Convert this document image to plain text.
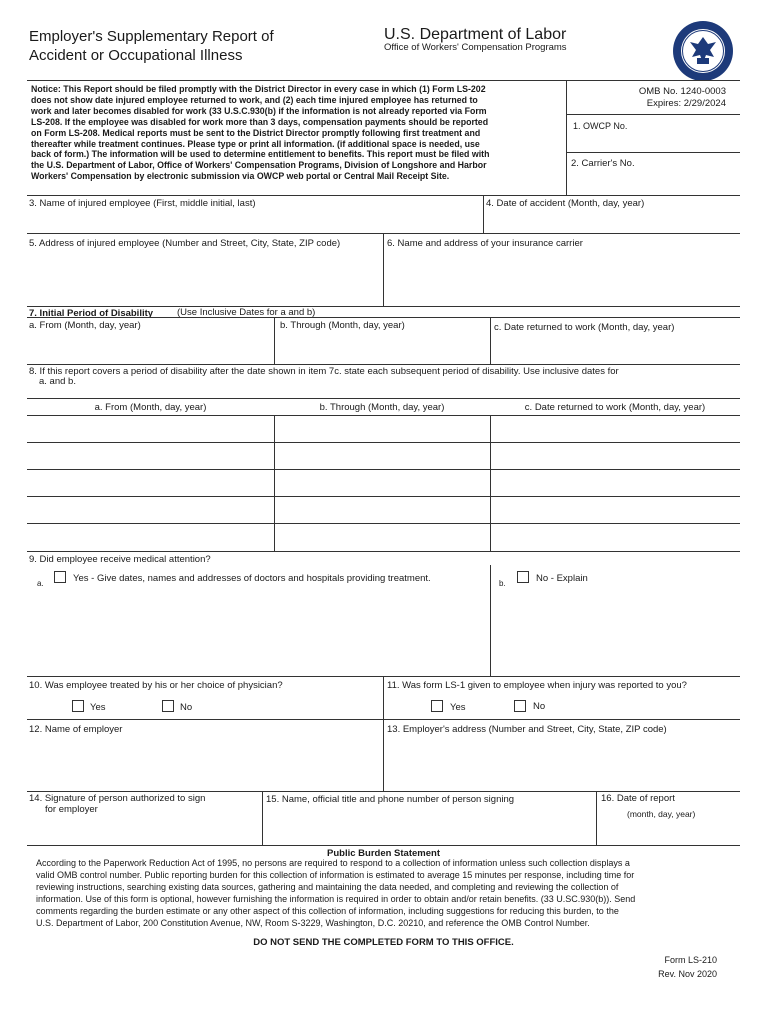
Employer's Supplementary Report of
Accident or Occupational Illness
U.S. Department of Labor
Office of Workers' Compensation Programs
Notice: This Report should be filed promptly with the District Director in every case in which (1) Form LS-202
does not show date injured employee returned to work, and (2) each time injured employee has returned to
work and later becomes disabled for work (33 U.S.C.930(b) if the information is not already reported via Form
LS-208. If the employee was disabled for work more than 3 days, compensation payments should be reported
on Form LS-208. Medical reports must be sent to the District Director promptly following first treatment and
thereafter while treatment continues. Please type or print all information. (if additional space is needed, use
back of form.) The information will be used to determine entitlement to benefits. This report must be filed with
the U.S. Department of Labor, Office of Workers' Compensation Programs, Division of Longshore and Harbor
Workers' Compensation by electronic submission via OWCP web portal or Central Mail Receipt Site.
OMB No. 1240-0003
Expires: 2/29/2024
1. OWCP No.
2. Carrier's No.
3. Name of injured employee (First, middle initial, last)	4. Date of accident (Month, day, year)
5. Address of injured employee (Number and Street, City, State, ZIP code)	6. Name and address of your insurance carrier
7. Initial Period of Disability	(Use Inclusive Dates for a and b)
a. From (Month, day, year)	b. Through (Month, day, year)	c. Date returned to work (Month, day, year)
8. If this report covers a period of disability after the date shown in item 7c. state each subsequent period of disability. Use inclusive dates for
a. and b.
a. From (Month, day, year)	b. Through (Month, day, year)	c. Date returned to work (Month, day, year)
9. Did employee receive medical attention?
a.	Yes - Give dates, names and addresses of doctors and hospitals providing treatment.	b.	No - Explain
10. Was employee treated by his or her choice of physician?	11. Was form LS-1 given to employee when injury was reported to you?
Yes	No	Yes	No
12. Name of employer	13. Employer's address (Number and Street, City, State, ZIP code)
14. Signature of person authorized to sign
for employer
15. Name, official title and phone number of person signing	16. Date of report
(month, day, year)
Public Burden Statement
According to the Paperwork Reduction Act of 1995, no persons are required to respond to a collection of information unless such collection displays a
valid OMB control number. Public reporting burden for this collection of information is estimated to average 15 minutes per response, including time for
reviewing instructions, searching existing data sources, gathering and maintaining the data needed, and completing and reviewing the collection of
information. Use of this form is optional, however furnishing the information is required in order to obtain and/or retain benefits. (33 U.SC.930(b)). Send
comments regarding the burden estimate or any other aspect of this collection of information, including suggestions for reducing this burden, to the
U.S. Department of Labor, 200 Constitution Avenue, NW, Room S-3229, Washington, D.C. 20210, and reference the OMB Control Number.
DO NOT SEND THE COMPLETED FORM TO THIS OFFICE.
Form LS-210
Rev. Nov 2020
